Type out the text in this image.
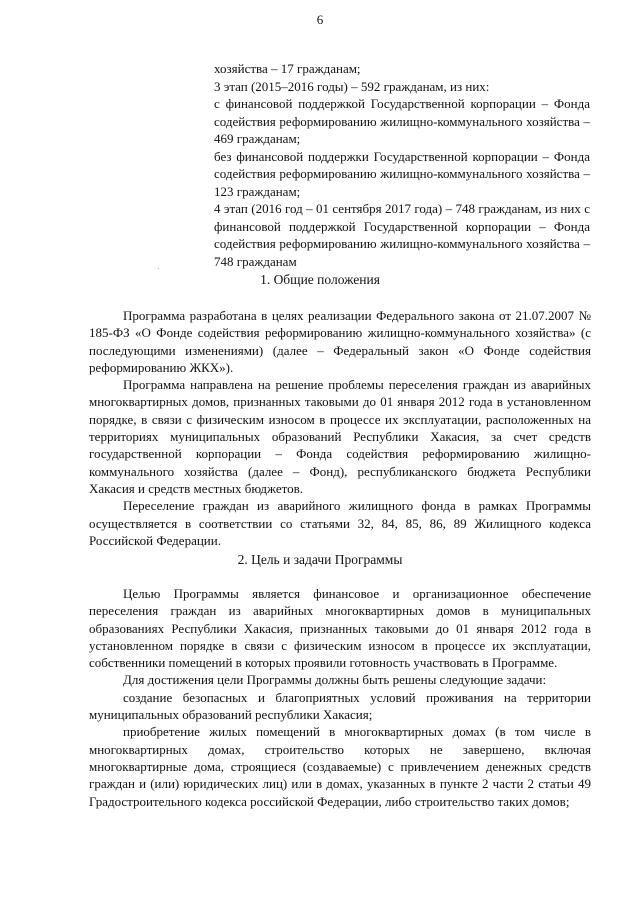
6

хозяйства – 17 гражданам;

3 этап (2015–2016 годы) – 592 гражданам, из них:

с финансовой поддержкой Государственной корпорации – Фонда содействия реформированию жилищно-коммунального хозяйства – 469 гражданам;

без финансовой поддержки Государственной корпорации – Фонда содействия реформированию жилищно-коммунального хозяйства – 123 гражданам;

4 этап (2016 год – 01 сентября 2017 года) – 748 гражданам, из них с финансовой поддержкой Государственной корпорации – Фонда содействия реформированию жилищно-коммунального хозяйства – 748 гражданам

1. Общие положения

Программа разработана в целях реализации Федерального закона от 21.07.2007 № 185-ФЗ «О Фонде содействия реформированию жилищно-коммунального хозяйства» (с последующими изменениями) (далее – Федеральный закон «О Фонде содействия реформированию ЖКХ»).

Программа направлена на решение проблемы переселения граждан из аварийных многоквартирных домов, признанных таковыми до 01 января 2012 года в установленном порядке, в связи с физическим износом в процессе их эксплуатации, расположенных на территориях муниципальных образований Республики Хакасия, за счет средств государственной корпорации – Фонда содействия реформированию жилищно-коммунального хозяйства (далее – Фонд), республиканского бюджета Республики Хакасия и средств местных бюджетов.

Переселение граждан из аварийного жилищного фонда в рамках Программы осуществляется в соответствии со статьями 32, 84, 85, 86, 89 Жилищного кодекса Российской Федерации.

2. Цель и задачи Программы

Целью Программы является финансовое и организационное обеспечение переселения граждан из аварийных многоквартирных домов в муниципальных образованиях Республики Хакасия, признанных таковыми до 01 января 2012 года в установленном порядке в связи с физическим износом в процессе их эксплуатации, собственники помещений в которых проявили готовность участвовать в Программе.

Для достижения цели Программы должны быть решены следующие задачи:

создание безопасных и благоприятных условий проживания на территории муниципальных образований республики Хакасия;

приобретение жилых помещений в многоквартирных домах (в том числе в многоквартирных домах, строительство которых не завершено, включая многоквартирные дома, строящиеся (создаваемые) с привлечением денежных средств граждан и (или) юридических лиц) или в домах, указанных в пункте 2 части 2 статьи 49 Градостроительного кодекса российской Федерации, либо строительство таких домов;
